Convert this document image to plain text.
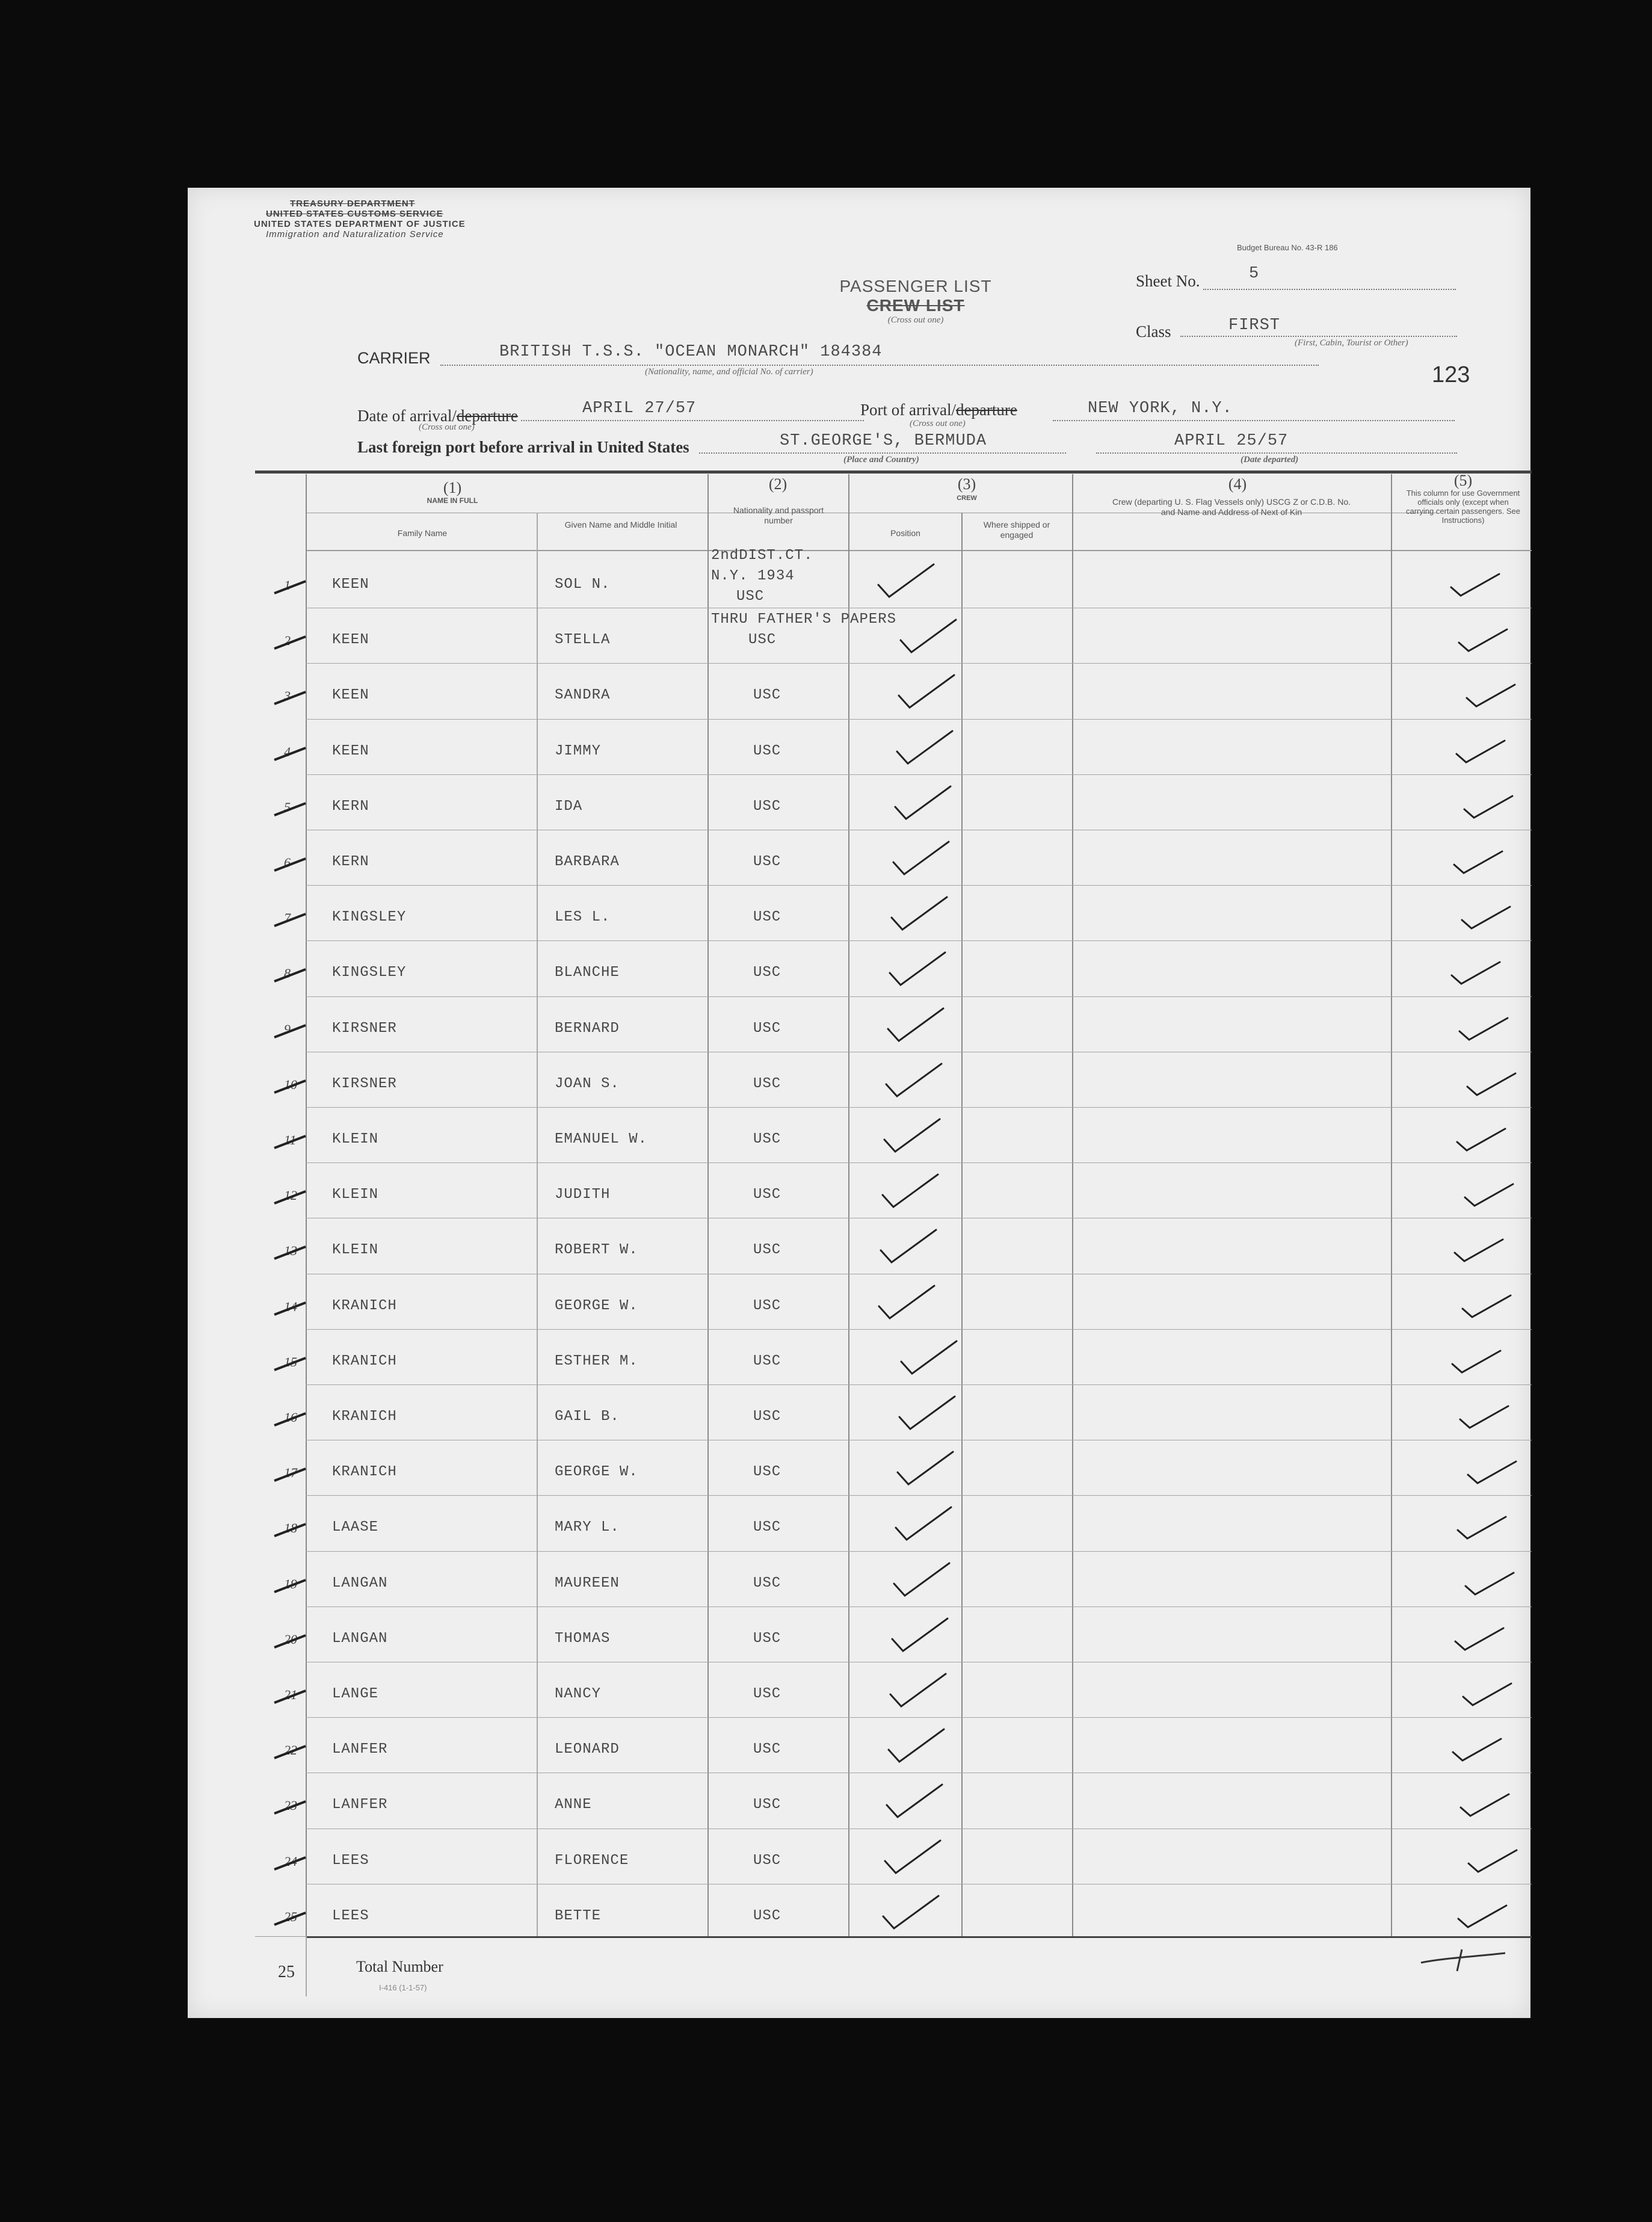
TREASURY DEPARTMENT
UNITED STATES CUSTOMS SERVICE
UNITED STATES DEPARTMENT OF JUSTICE
Immigration and Naturalization Service
Budget Bureau No. 43-R 186
PASSENGER LIST
CREW LIST
(Cross out one)
Sheet No.	5
Class	FIRST
(First, Cabin, Tourist or Other)
123
CARRIER	BRITISH T.S.S. "OCEAN MONARCH" 184384
(Nationality, name, and official No. of carrier)
Date of arrival/departure	APRIL 27/57
(Cross out one)
Port of arrival/departure	NEW YORK, N.Y.
(Cross out one)
Last foreign port before arrival in United States	ST.GEORGE'S, BERMUDA
(Place and Country)
APRIL 25/57
(Date departed)
(1)
NAME IN FULL
Family Name
Given Name and Middle Initial
(2)
Nationality and passport number
(3)
CREW
Position
Where shipped or engaged
(4)
Crew (departing U. S. Flag Vessels only) USCG Z or C.D.B. No. and Name and Address of Next of Kin
(5)
This column for use Government officials only (except when carrying certain passengers. See Instructions)
1	KEEN	SOL N.
2ndDIST.CT.
N.Y. 1934
USC
2	KEEN	STELLA
THRU FATHER'S PAPERS
USC
3	KEEN	SANDRA	USC
4	KEEN	JIMMY	USC
5	KERN	IDA	USC
6	KERN	BARBARA	USC
7	KINGSLEY	LES L.	USC
8	KINGSLEY	BLANCHE	USC
9	KIRSNER	BERNARD	USC
10 KIRSNER	JOAN S.	USC
11 KLEIN	EMANUEL W.	USC
12 KLEIN	JUDITH	USC
13 KLEIN	ROBERT W.	USC
14 KRANICH	GEORGE W.	USC
15 KRANICH	ESTHER M.	USC
16 KRANICH	GAIL B.	USC
17 KRANICH	GEORGE W.	USC
18 LAASE	MARY L.	USC
19 LANGAN	MAUREEN	USC
20 LANGAN	THOMAS	USC
21 LANGE	NANCY	USC
22 LANFER	LEONARD	USC
23 LANFER	ANNE	USC
24 LEES	FLORENCE	USC
25 LEES	BETTE	USC
25	Total Number
I-416 (1-1-57)
